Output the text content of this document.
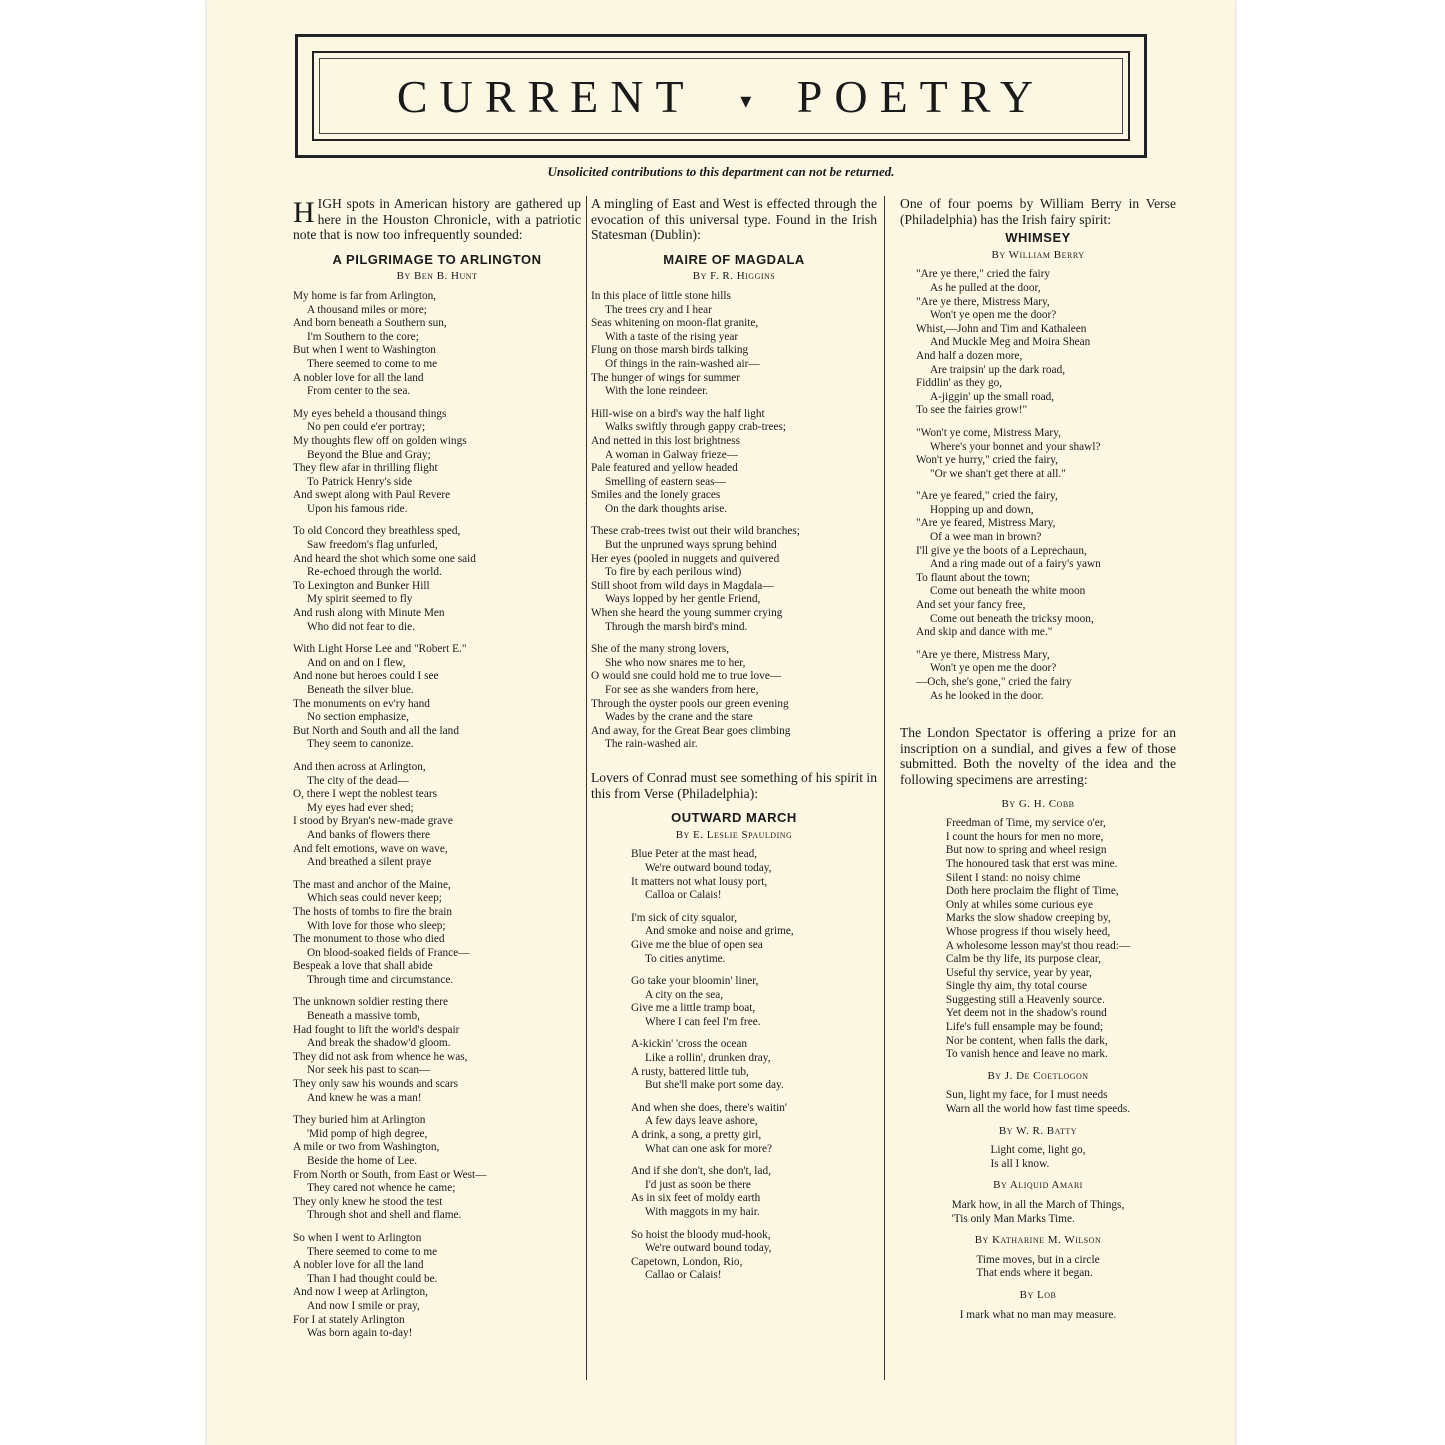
CURRENT ▾ POETRY
Unsolicited contributions to this department can not be returned.

HIGH spots in American history are gathered up here in the Houston Chronicle, with a patriotic note that is now too infrequently sounded:

A PILGRIMAGE TO ARLINGTON
By Ben B. Hunt
My home is far from Arlington,
A thousand miles or more;
And born beneath a Southern sun,
I'm Southern to the core;
But when I went to Washington
There seemed to come to me
A nobler love for all the land
From center to the sea.
My eyes beheld a thousand things
No pen could e'er portray;
My thoughts flew off on golden wings
Beyond the Blue and Gray;
They flew afar in thrilling flight
To Patrick Henry's side
And swept along with Paul Revere
Upon his famous ride.
To old Concord they breathless sped,
Saw freedom's flag unfurled,
And heard the shot which some one said
Re-echoed through the world.
To Lexington and Bunker Hill
My spirit seemed to fly
And rush along with Minute Men
Who did not fear to die.
With Light Horse Lee and "Robert E."
And on and on I flew,
And none but heroes could I see
Beneath the silver blue.
The monuments on ev'ry hand
No section emphasize,
But North and South and all the land
They seem to canonize.
And then across at Arlington,
The city of the dead—
O, there I wept the noblest tears
My eyes had ever shed;
I stood by Bryan's new-made grave
And banks of flowers there
And felt emotions, wave on wave,
And breathed a silent praye
The mast and anchor of the Maine,
Which seas could never keep;
The hosts of tombs to fire the brain
With love for those who sleep;
The monument to those who died
On blood-soaked fields of France—
Bespeak a love that shall abide
Through time and circumstance.
The unknown soldier resting there
Beneath a massive tomb,
Had fought to lift the world's despair
And break the shadow'd gloom.
They did not ask from whence he was,
Nor seek his past to scan—
They only saw his wounds and scars
And knew he was a man!
They buried him at Arlington
'Mid pomp of high degree,
A mile or two from Washington,
Beside the home of Lee.
From North or South, from East or West—
They cared not whence he came;
They only knew he stood the test
Through shot and shell and flame.
So when I went to Arlington
There seemed to come to me
A nobler love for all the land
Than I had thought could be.
And now I weep at Arlington,
And now I smile or pray,
For I at stately Arlington
Was born again to-day!

A mingling of East and West is effected through the evocation of this universal type. Found in the Irish Statesman (Dublin):

MAIRE OF MAGDALA
By F. R. Higgins
In this place of little stone hills
The trees cry and I hear
Seas whitening on moon-flat granite,
With a taste of the rising year
Flung on those marsh birds talking
Of things in the rain-washed air—
The hunger of wings for summer
With the lone reindeer.
Hill-wise on a bird's way the half light
Walks swiftly through gappy crab-trees;
And netted in this lost brightness
A woman in Galway frieze—
Pale featured and yellow headed
Smelling of eastern seas—
Smiles and the lonely graces
On the dark thoughts arise.
These crab-trees twist out their wild branches;
But the unpruned ways sprung behind
Her eyes (pooled in nuggets and quivered
To fire by each perilous wind)
Still shoot from wild days in Magdala—
Ways lopped by her gentle Friend,
When she heard the young summer crying
Through the marsh bird's mind.
She of the many strong lovers,
She who now snares me to her,
O would sne could hold me to true love—
For see as she wanders from here,
Through the oyster pools our green evening
Wades by the crane and the stare
And away, for the Great Bear goes climbing
The rain-washed air.

Lovers of Conrad must see something of his spirit in this from Verse (Philadelphia):

OUTWARD MARCH
By E. Leslie Spaulding
Blue Peter at the mast head,
We're outward bound today,
It matters not what lousy port,
Calloa or Calais!
I'm sick of city squalor,
And smoke and noise and grime,
Give me the blue of open sea
To cities anytime.
Go take your bloomin' liner,
A city on the sea,
Give me a little tramp boat,
Where I can feel I'm free.
A-kickin' 'cross the ocean
Like a rollin', drunken dray,
A rusty, battered little tub,
But she'll make port some day.
And when she does, there's waitin'
A few days leave ashore,
A drink, a song, a pretty girl,
What can one ask for more?
And if she don't, she don't, lad,
I'd just as soon be there
As in six feet of moldy earth
With maggots in my hair.
So hoist the bloody mud-hook,
We're outward bound today,
Capetown, London, Rio,
Callao or Calais!

One of four poems by William Berry in Verse (Philadelphia) has the Irish fairy spirit:

WHIMSEY
By William Berry
"Are ye there," cried the fairy
As he pulled at the door,
"Are ye there, Mistress Mary,
Won't ye open me the door?
Whist,—John and Tim and Kathaleen
And Muckle Meg and Moira Shean
And half a dozen more,
Are traipsin' up the dark road,
Fiddlin' as they go,
A-jiggin' up the small road,
To see the fairies grow!"
"Won't ye come, Mistress Mary,
Where's your bonnet and your shawl?
Won't ye hurry," cried the fairy,
"Or we shan't get there at all."
"Are ye feared," cried the fairy,
Hopping up and down,
"Are ye feared, Mistress Mary,
Of a wee man in brown?
I'll give ye the boots of a Leprechaun,
And a ring made out of a fairy's yawn
To flaunt about the town;
Come out beneath the white moon
And set your fancy free,
Come out beneath the tricksy moon,
And skip and dance with me."
"Are ye there, Mistress Mary,
Won't ye open me the door?
—Och, she's gone," cried the fairy
As he looked in the door.

The London Spectator is offering a prize for an inscription on a sundial, and gives a few of those submitted. Both the novelty of the idea and the following specimens are arresting:

By G. H. Cobb
Freedman of Time, my service o'er,
I count the hours for men no more,
But now to spring and wheel resign
The honoured task that erst was mine.
Silent I stand: no noisy chime
Doth here proclaim the flight of Time,
Only at whiles some curious eye
Marks the slow shadow creeping by,
Whose progress if thou wisely heed,
A wholesome lesson may'st thou read:—
Calm be thy life, its purpose clear,
Useful thy service, year by year,
Single thy aim, thy total course
Suggesting still a Heavenly source.
Yet deem not in the shadow's round
Life's full ensample may be found;
Nor be content, when falls the dark,
To vanish hence and leave no mark.
By J. De Coetlogon
Sun, light my face, for I must needs
Warn all the world how fast time speeds.
By W. R. Batty
Light come, light go,
Is all I know.
By Aliquid Amari
Mark how, in all the March of Things,
'Tis only Man Marks Time.
By Katharine M. Wilson
Time moves, but in a circle
That ends where it began.
By Lob
I mark what no man may measure.
